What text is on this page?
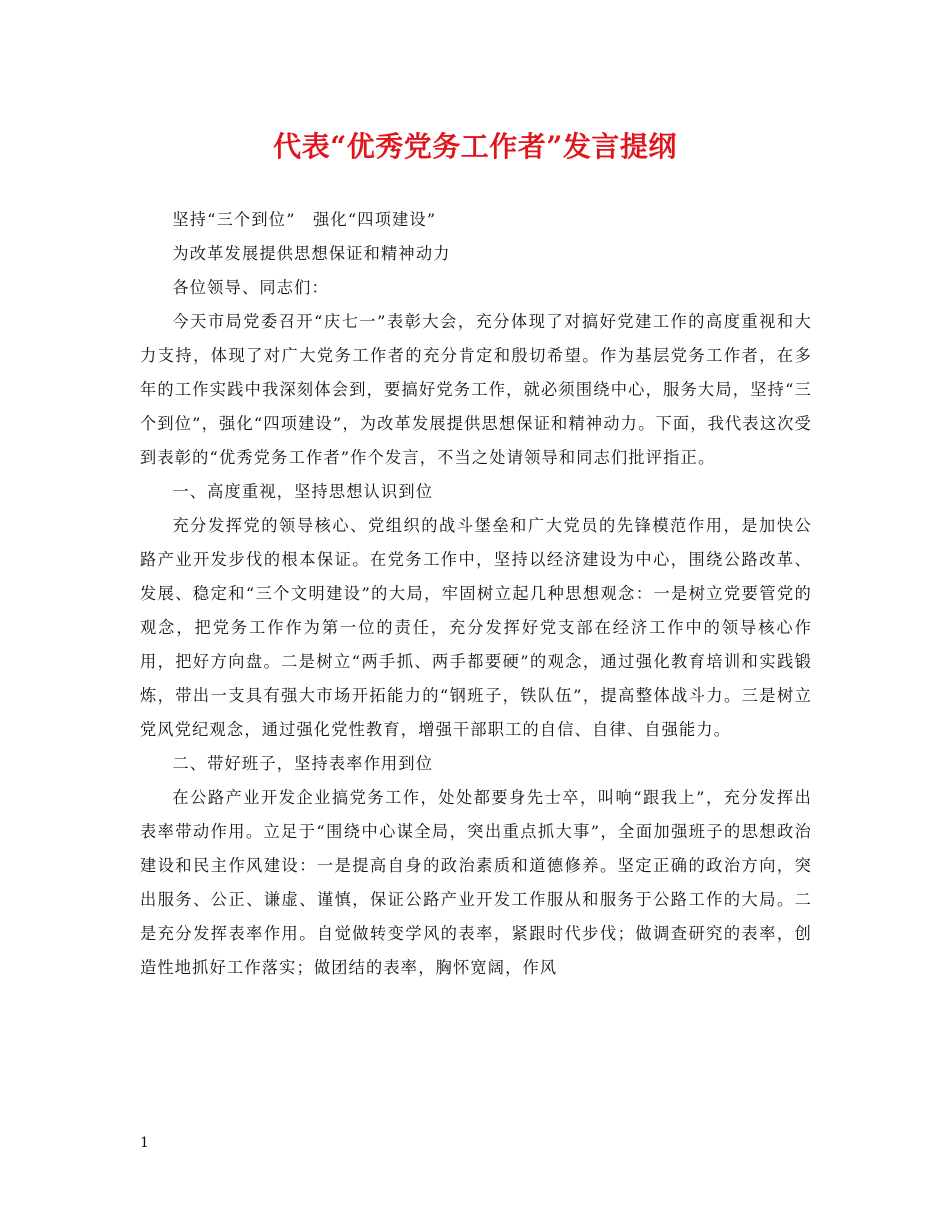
代表“优秀党务工作者”发言提纲

坚持“三个到位”　强化“四项建设”

为改革发展提供思想保证和精神动力

各位领导、同志们：

今天市局党委召开“庆七一”表彰大会，充分体现了对搞好党建工作的高度重视和大力支持，体现了对广大党务工作者的充分肯定和殷切希望。作为基层党务工作者，在多年的工作实践中我深刻体会到，要搞好党务工作，就必须围绕中心，服务大局，坚持“三个到位”，强化“四项建设”，为改革发展提供思想保证和精神动力。下面，我代表这次受到表彰的“优秀党务工作者”作个发言，不当之处请领导和同志们批评指正。

一、高度重视，坚持思想认识到位

充分发挥党的领导核心、党组织的战斗堡垒和广大党员的先锋模范作用，是加快公路产业开发步伐的根本保证。在党务工作中，坚持以经济建设为中心，围绕公路改革、发展、稳定和“三个文明建设”的大局，牢固树立起几种思想观念：一是树立党要管党的观念，把党务工作作为第一位的责任，充分发挥好党支部在经济工作中的领导核心作用，把好方向盘。二是树立“两手抓、两手都要硬”的观念，通过强化教育培训和实践锻炼，带出一支具有强大市场开拓能力的“钢班子，铁队伍”，提高整体战斗力。三是树立党风党纪观念，通过强化党性教育，增强干部职工的自信、自律、自强能力。

二、带好班子，坚持表率作用到位

在公路产业开发企业搞党务工作，处处都要身先士卒，叫响“跟我上”，充分发挥出表率带动作用。立足于“围绕中心谋全局，突出重点抓大事”，全面加强班子的思想政治建设和民主作风建设：一是提高自身的政治素质和道德修养。坚定正确的政治方向，突出服务、公正、谦虚、谨慎，保证公路产业开发工作服从和服务于公路工作的大局。二是充分发挥表率作用。自觉做转变学风的表率，紧跟时代步伐；做调查研究的表率，创造性地抓好工作落实；做团结的表率，胸怀宽阔，作风

1
